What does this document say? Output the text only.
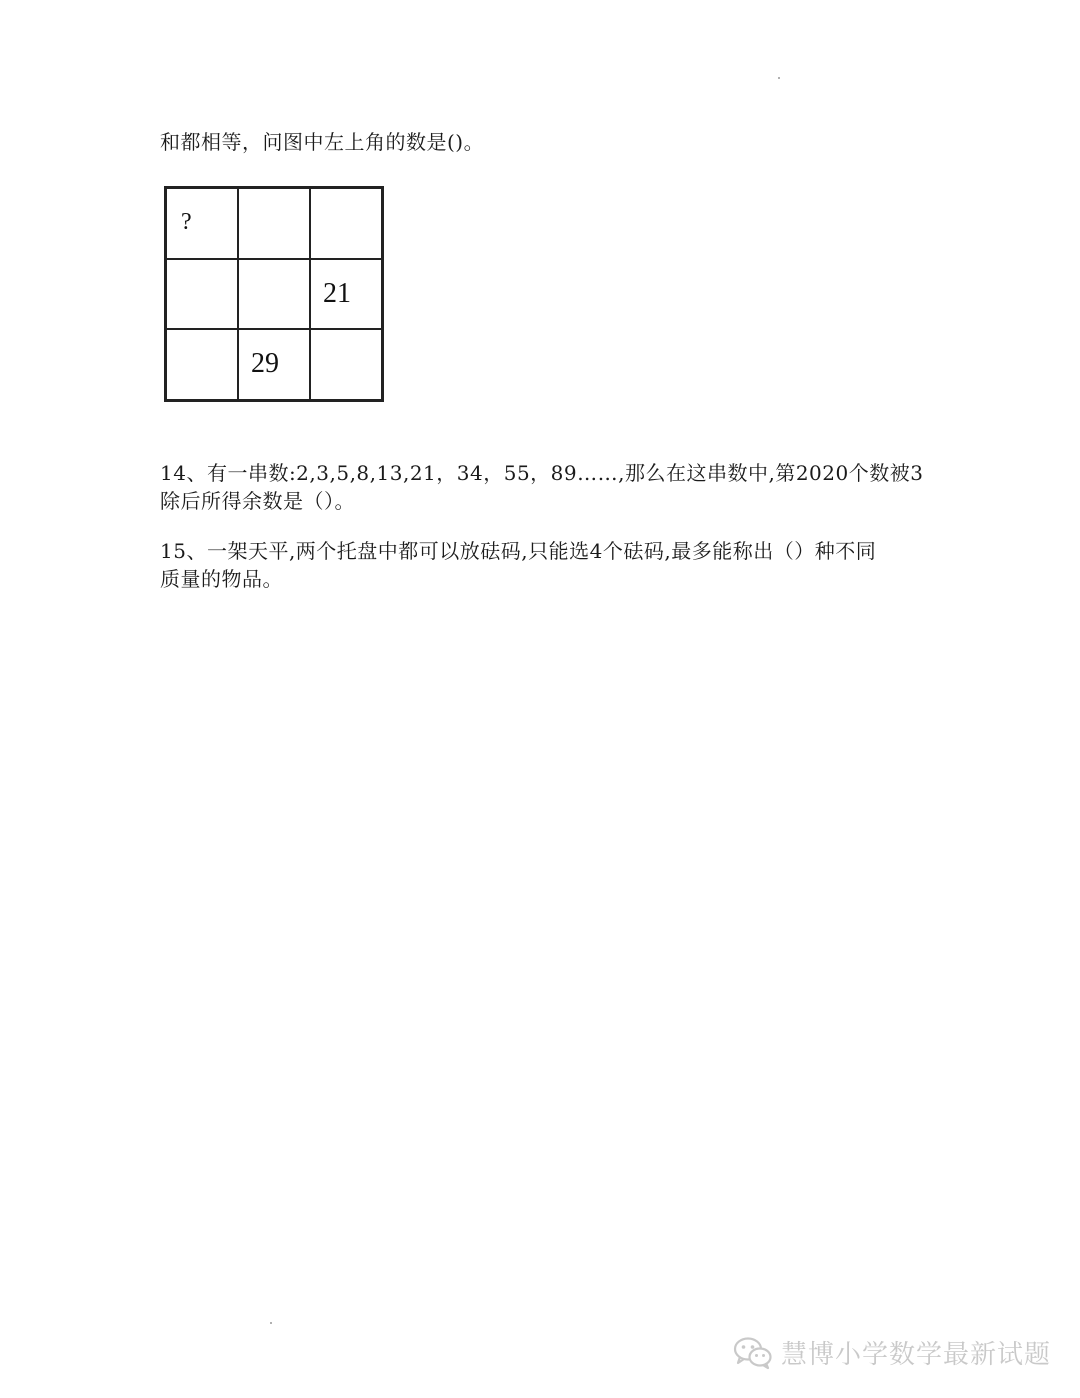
和都相等，问图中左上角的数是()。
?
21
29
14、有一串数:2,3,5,8,13,21，34，55，89……,那么在这串数中,第2020个数被3
除后所得余数是（）。
15、一架天平,两个托盘中都可以放砝码,只能选4个砝码,最多能称出（）种不同
质量的物品。
慧博小学数学最新试题
